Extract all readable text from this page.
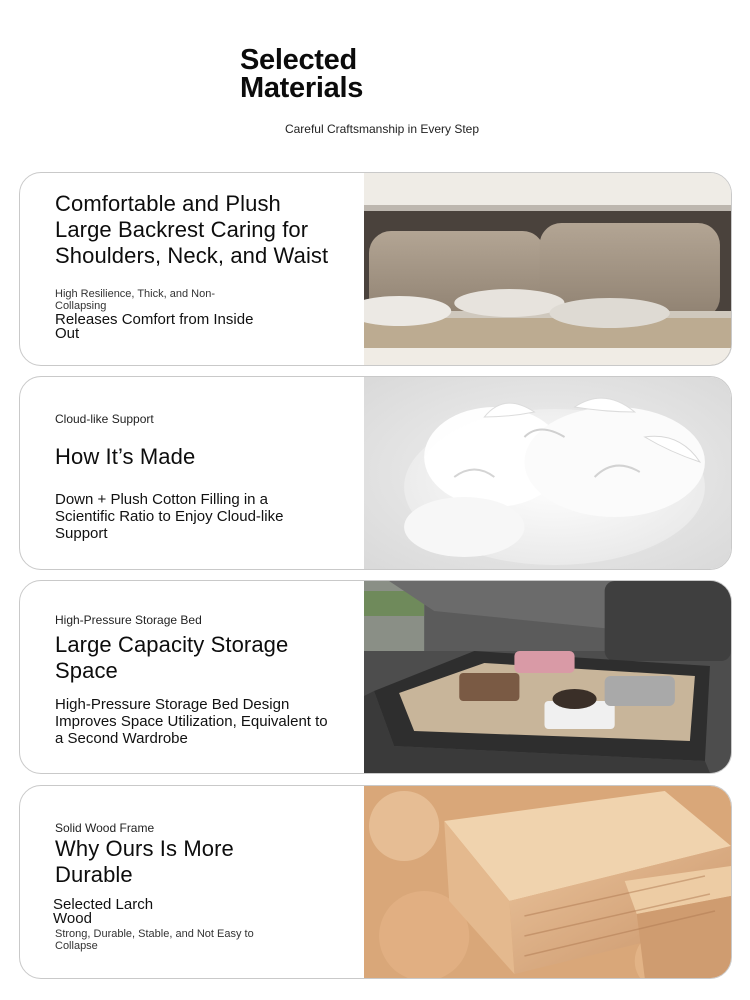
Selected
Materials
Careful Craftsmanship in Every Step
Comfortable and Plush Large Backrest Caring for Shoulders, Neck, and Waist
High Resilience, Thick, and Non-Collapsing
Releases Comfort from Inside Out
Cloud-like Support
How It’s Made
Down + Plush Cotton Filling in a Scientific Ratio to Enjoy Cloud-like Support
High-Pressure Storage Bed
Large Capacity Storage Space
High-Pressure Storage Bed Design Improves Space Utilization, Equivalent to a Second Wardrobe
Solid Wood Frame
Why Ours Is More Durable
Selected Larch Wood
Strong, Durable, Stable, and Not Easy to Collapse
